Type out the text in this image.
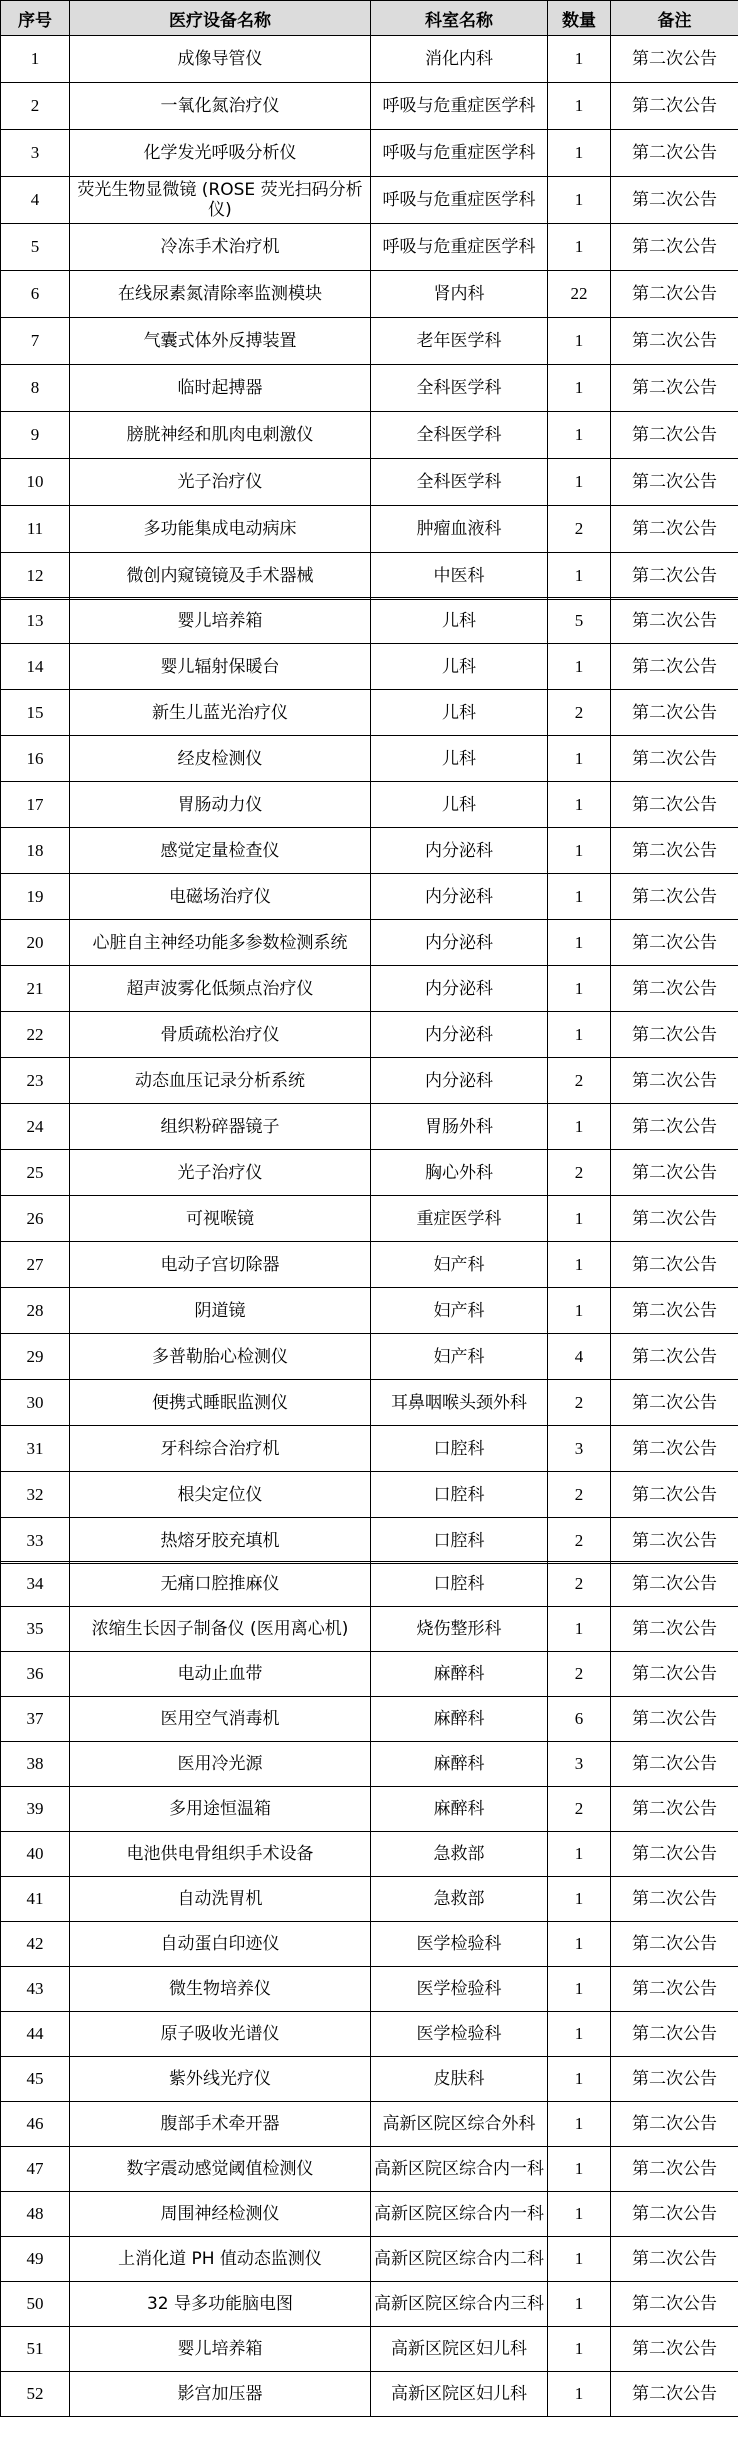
序号	医疗设备名称	科室名称	数量	备注
1	成像导管仪	消化内科	1	第二次公告
2	一氧化氮治疗仪	呼吸与危重症医学科	1	第二次公告
3	化学发光呼吸分析仪	呼吸与危重症医学科	1	第二次公告
4	荧光生物显微镜 (ROSE 荧光扫码分析仪)	呼吸与危重症医学科	1	第二次公告
5	冷冻手术治疗机	呼吸与危重症医学科	1	第二次公告
6	在线尿素氮清除率监测模块	肾内科	22	第二次公告
7	气囊式体外反搏装置	老年医学科	1	第二次公告
8	临时起搏器	全科医学科	1	第二次公告
9	膀胱神经和肌肉电刺激仪	全科医学科	1	第二次公告
10	光子治疗仪	全科医学科	1	第二次公告
11	多功能集成电动病床	肿瘤血液科	2	第二次公告
12	微创内窥镜镜及手术器械	中医科	1	第二次公告
13	婴儿培养箱	儿科	5	第二次公告
14	婴儿辐射保暖台	儿科	1	第二次公告
15	新生儿蓝光治疗仪	儿科	2	第二次公告
16	经皮检测仪	儿科	1	第二次公告
17	胃肠动力仪	儿科	1	第二次公告
18	感觉定量检查仪	内分泌科	1	第二次公告
19	电磁场治疗仪	内分泌科	1	第二次公告
20	心脏自主神经功能多参数检测系统	内分泌科	1	第二次公告
21	超声波雾化低频点治疗仪	内分泌科	1	第二次公告
22	骨质疏松治疗仪	内分泌科	1	第二次公告
23	动态血压记录分析系统	内分泌科	2	第二次公告
24	组织粉碎器镜子	胃肠外科	1	第二次公告
25	光子治疗仪	胸心外科	2	第二次公告
26	可视喉镜	重症医学科	1	第二次公告
27	电动子宫切除器	妇产科	1	第二次公告
28	阴道镜	妇产科	1	第二次公告
29	多普勒胎心检测仪	妇产科	4	第二次公告
30	便携式睡眠监测仪	耳鼻咽喉头颈外科	2	第二次公告
31	牙科综合治疗机	口腔科	3	第二次公告
32	根尖定位仪	口腔科	2	第二次公告
33	热熔牙胶充填机	口腔科	2	第二次公告
34	无痛口腔推麻仪	口腔科	2	第二次公告
35	浓缩生长因子制备仪 (医用离心机)	烧伤整形科	1	第二次公告
36	电动止血带	麻醉科	2	第二次公告
37	医用空气消毒机	麻醉科	6	第二次公告
38	医用冷光源	麻醉科	3	第二次公告
39	多用途恒温箱	麻醉科	2	第二次公告
40	电池供电骨组织手术设备	急救部	1	第二次公告
41	自动洗胃机	急救部	1	第二次公告
42	自动蛋白印迹仪	医学检验科	1	第二次公告
43	微生物培养仪	医学检验科	1	第二次公告
44	原子吸收光谱仪	医学检验科	1	第二次公告
45	紫外线光疗仪	皮肤科	1	第二次公告
46	腹部手术牵开器	高新区院区综合外科	1	第二次公告
47	数字震动感觉阈值检测仪	高新区院区综合内一科	1	第二次公告
48	周围神经检测仪	高新区院区综合内一科	1	第二次公告
49	上消化道 PH 值动态监测仪	高新区院区综合内二科	1	第二次公告
50	32 导多功能脑电图	高新区院区综合内三科	1	第二次公告
51	婴儿培养箱	高新区院区妇儿科	1	第二次公告
52	影宫加压器	高新区院区妇儿科	1	第二次公告
